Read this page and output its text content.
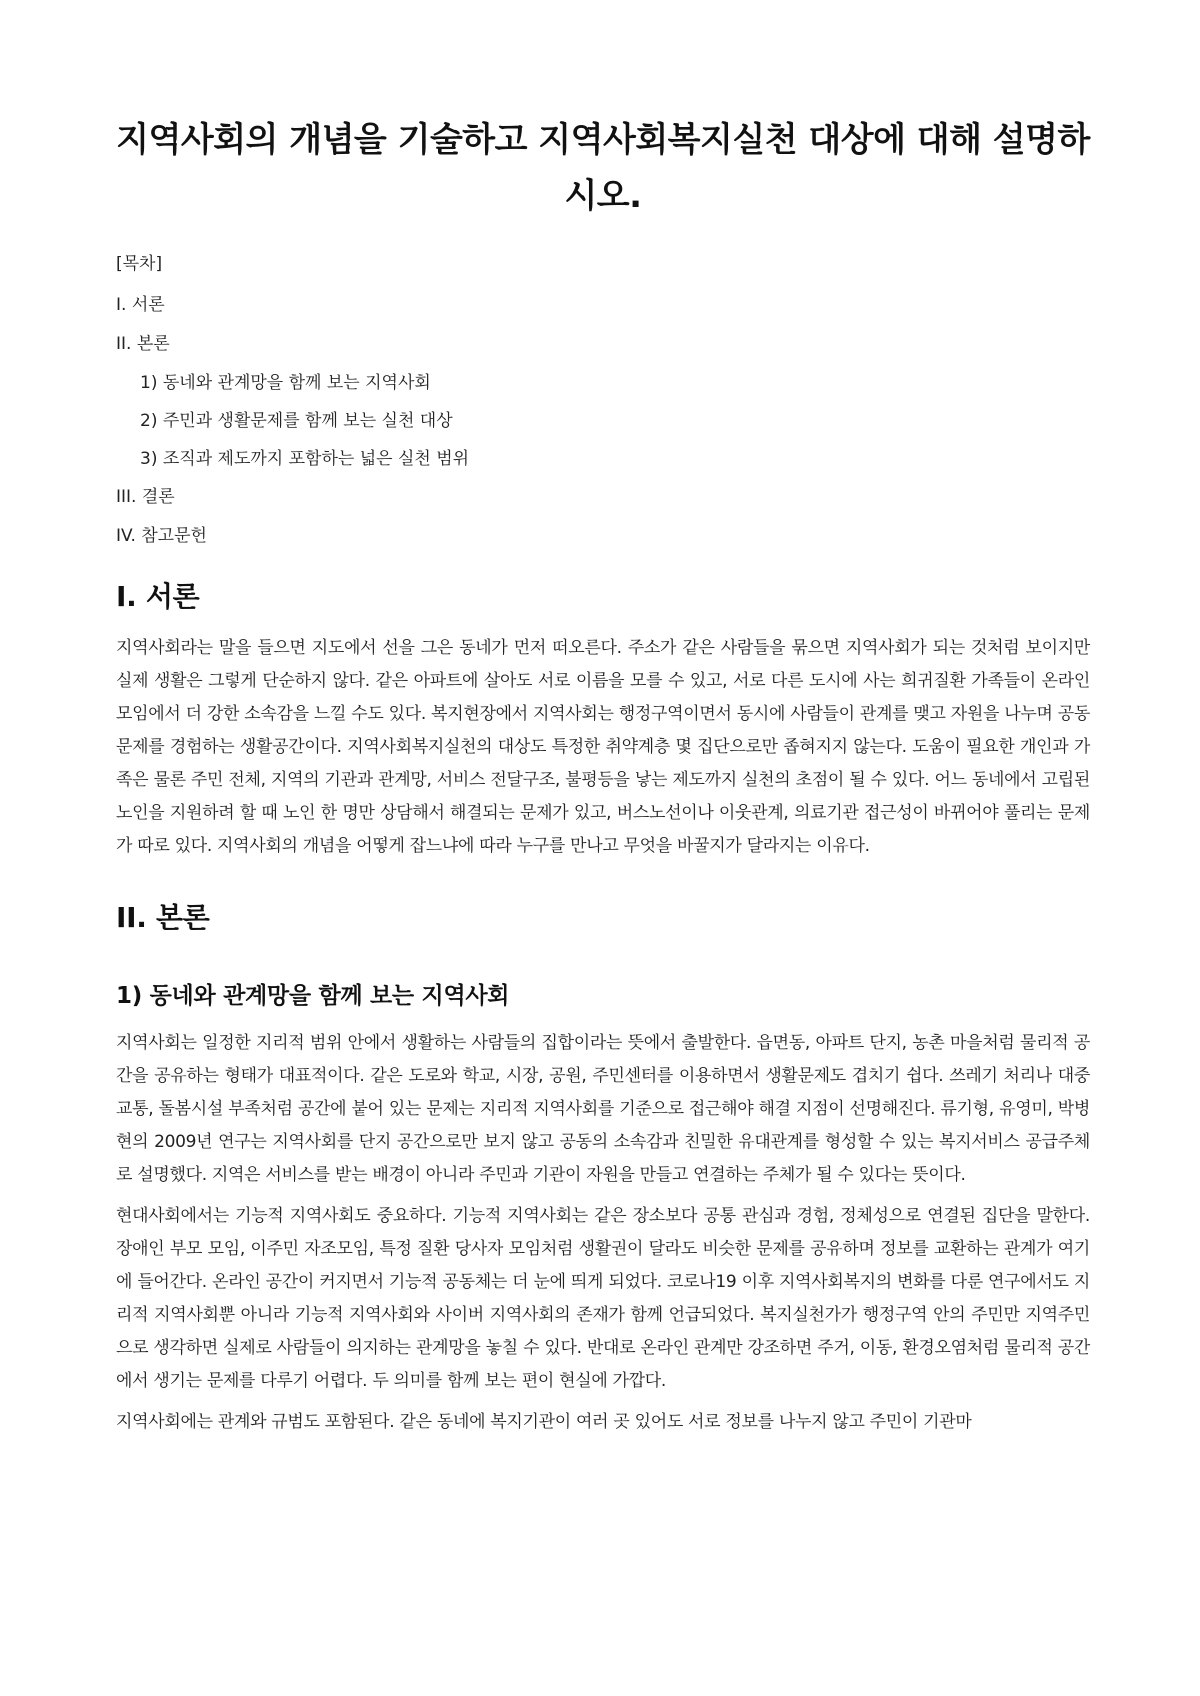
지역사회의 개념을 기술하고 지역사회복지실천 대상에 대해 설명하시오.
[목차]
I. 서론
II. 본론
1) 동네와 관계망을 함께 보는 지역사회
2) 주민과 생활문제를 함께 보는 실천 대상
3) 조직과 제도까지 포함하는 넓은 실천 범위
III. 결론
IV. 참고문헌
I. 서론

지역사회라는 말을 들으면 지도에서 선을 그은 동네가 먼저 떠오른다. 주소가 같은 사람들을 묶으면 지역사회가 되는 것처럼 보이지만 실제 생활은 그렇게 단순하지 않다. 같은 아파트에 살아도 서로 이름을 모를 수 있고, 서로 다른 도시에 사는 희귀질환 가족들이 온라인 모임에서 더 강한 소속감을 느낄 수도 있다. 복지현장에서 지역사회는 행정구역이면서 동시에 사람들이 관계를 맺고 자원을 나누며 공동 문제를 경험하는 생활공간이다. 지역사회복지실천의 대상도 특정한 취약계층 몇 집단으로만 좁혀지지 않는다. 도움이 필요한 개인과 가족은 물론 주민 전체, 지역의 기관과 관계망, 서비스 전달구조, 불평등을 낳는 제도까지 실천의 초점이 될 수 있다. 어느 동네에서 고립된 노인을 지원하려 할 때 노인 한 명만 상담해서 해결되는 문제가 있고, 버스노선이나 이웃관계, 의료기관 접근성이 바뀌어야 풀리는 문제가 따로 있다. 지역사회의 개념을 어떻게 잡느냐에 따라 누구를 만나고 무엇을 바꿀지가 달라지는 이유다.

II. 본론
1) 동네와 관계망을 함께 보는 지역사회

지역사회는 일정한 지리적 범위 안에서 생활하는 사람들의 집합이라는 뜻에서 출발한다. 읍면동, 아파트 단지, 농촌 마을처럼 물리적 공간을 공유하는 형태가 대표적이다. 같은 도로와 학교, 시장, 공원, 주민센터를 이용하면서 생활문제도 겹치기 쉽다. 쓰레기 처리나 대중교통, 돌봄시설 부족처럼 공간에 붙어 있는 문제는 지리적 지역사회를 기준으로 접근해야 해결 지점이 선명해진다. 류기형, 유영미, 박병현의 2009년 연구는 지역사회를 단지 공간으로만 보지 않고 공동의 소속감과 친밀한 유대관계를 형성할 수 있는 복지서비스 공급주체로 설명했다. 지역은 서비스를 받는 배경이 아니라 주민과 기관이 자원을 만들고 연결하는 주체가 될 수 있다는 뜻이다.

현대사회에서는 기능적 지역사회도 중요하다. 기능적 지역사회는 같은 장소보다 공통 관심과 경험, 정체성으로 연결된 집단을 말한다. 장애인 부모 모임, 이주민 자조모임, 특정 질환 당사자 모임처럼 생활권이 달라도 비슷한 문제를 공유하며 정보를 교환하는 관계가 여기에 들어간다. 온라인 공간이 커지면서 기능적 공동체는 더 눈에 띄게 되었다. 코로나19 이후 지역사회복지의 변화를 다룬 연구에서도 지리적 지역사회뿐 아니라 기능적 지역사회와 사이버 지역사회의 존재가 함께 언급되었다. 복지실천가가 행정구역 안의 주민만 지역주민으로 생각하면 실제로 사람들이 의지하는 관계망을 놓칠 수 있다. 반대로 온라인 관계만 강조하면 주거, 이동, 환경오염처럼 물리적 공간에서 생기는 문제를 다루기 어렵다. 두 의미를 함께 보는 편이 현실에 가깝다.

지역사회에는 관계와 규범도 포함된다. 같은 동네에 복지기관이 여러 곳 있어도 서로 정보를 나누지 않고 주민이 기관마
